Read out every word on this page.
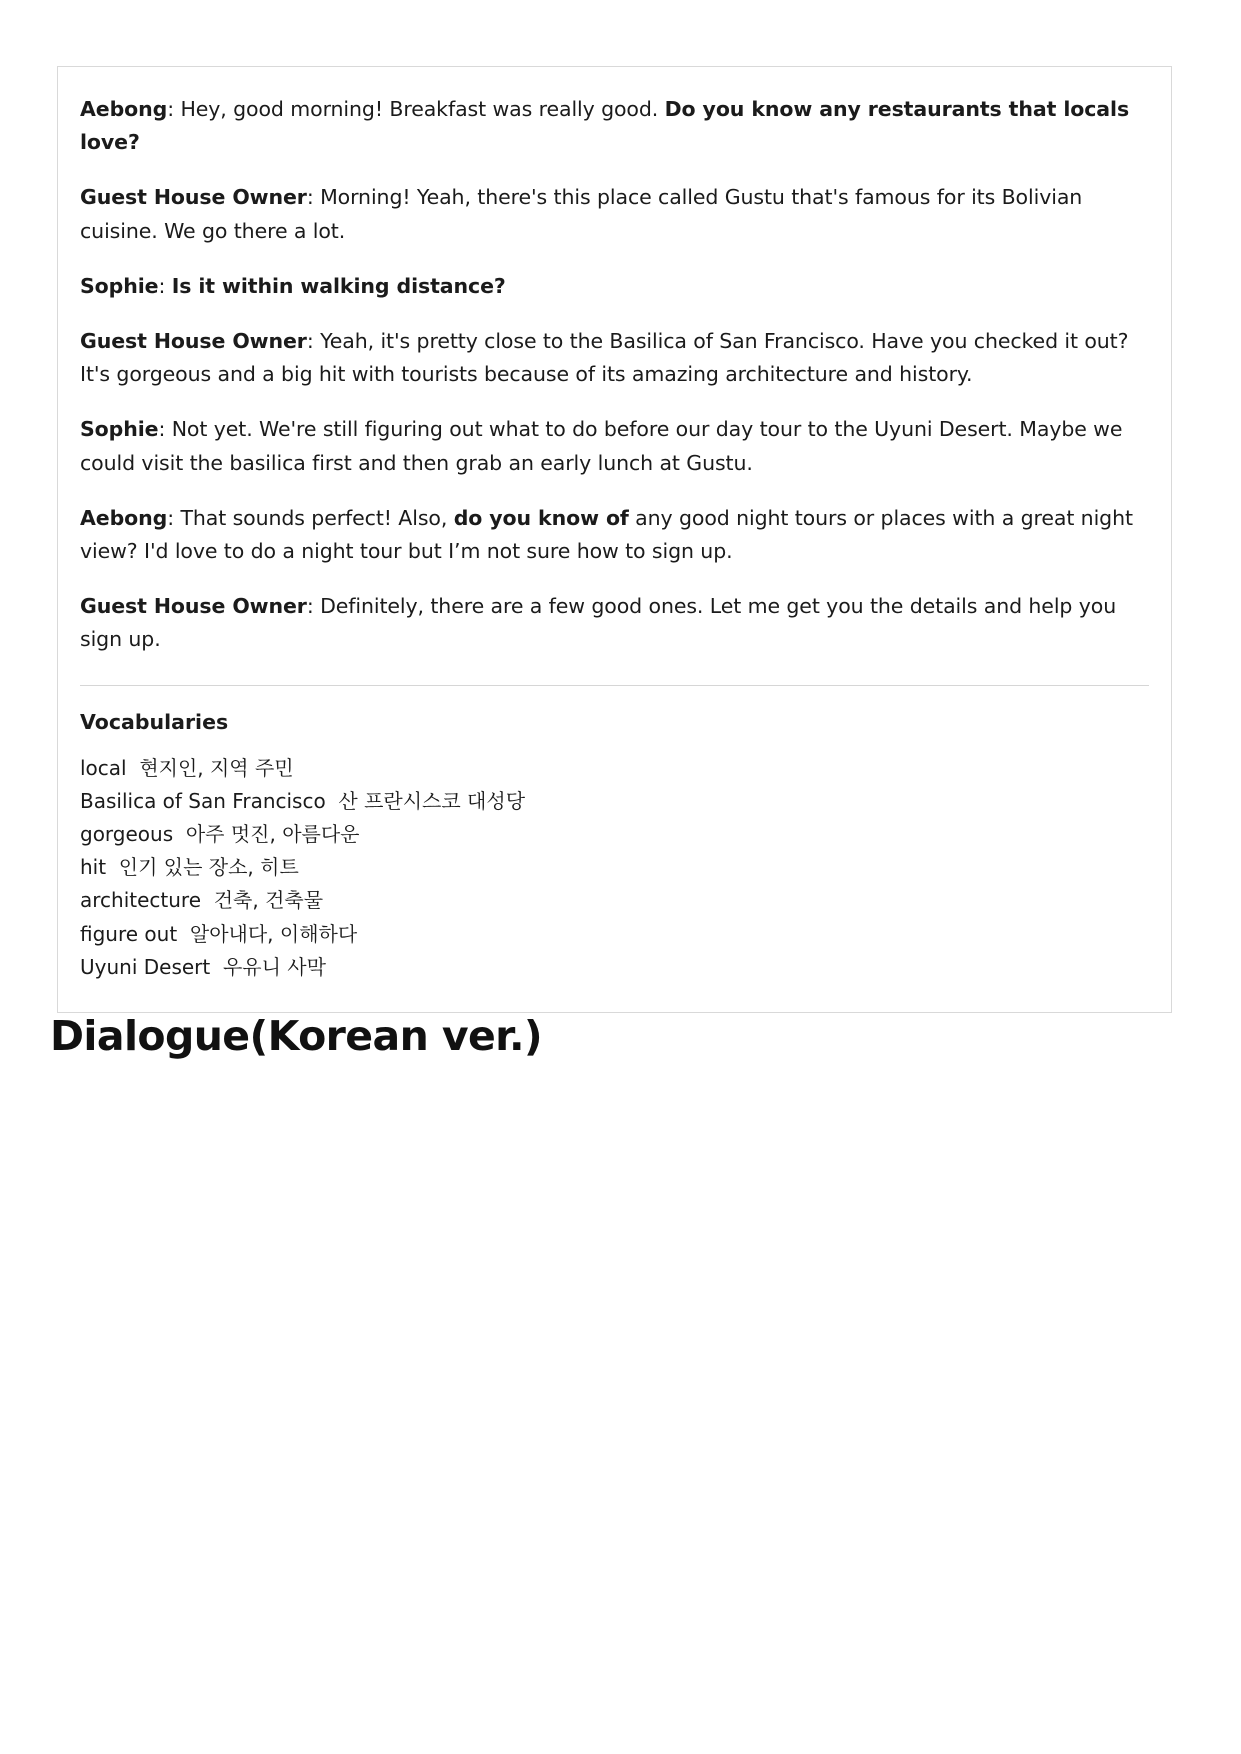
Aebong: Hey, good morning! Breakfast was really good. Do you know any restaurants that locals love?

Guest House Owner: Morning! Yeah, there's this place called Gustu that's famous for its Bolivian cuisine. We go there a lot.

Sophie: Is it within walking distance?

Guest House Owner: Yeah, it's pretty close to the Basilica of San Francisco. Have you checked it out? It's gorgeous and a big hit with tourists because of its amazing architecture and history.

Sophie: Not yet. We're still figuring out what to do before our day tour to the Uyuni Desert. Maybe we could visit the basilica first and then grab an early lunch at Gustu.

Aebong: That sounds perfect! Also, do you know of any good night tours or places with a great night view? I'd love to do a night tour but I’m not sure how to sign up.

Guest House Owner: Definitely, there are a few good ones. Let me get you the details and help you sign up.

Vocabularies
local  현지인, 지역 주민
Basilica of San Francisco  산 프란시스코 대성당
gorgeous  아주 멋진, 아름다운
hit  인기 있는 장소, 히트
architecture  건축, 건축물
figure out  알아내다, 이해하다
Uyuni Desert  우유니 사막
Dialogue(Korean ver.)
